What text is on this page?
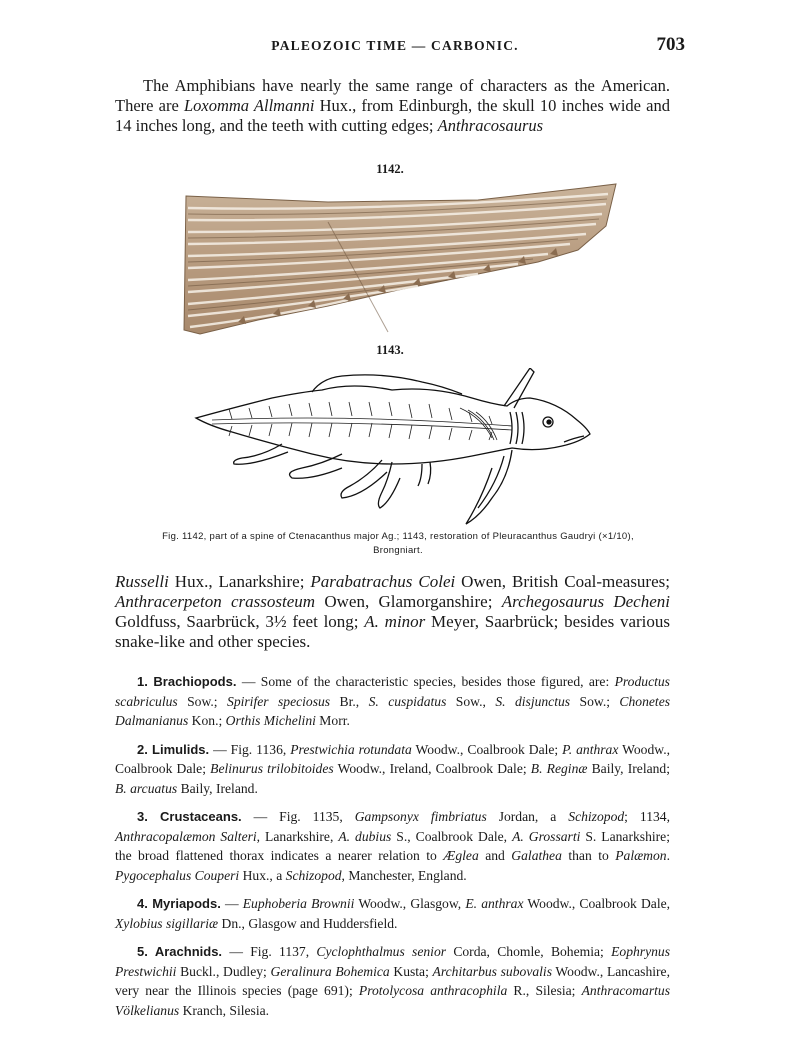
PALEOZOIC TIME — CARBONIC.	703

The Amphibians have nearly the same range of characters as the American. There are Loxomma Allmanni Hux., from Edinburgh, the skull 10 inches wide and 14 inches long, and the teeth with cutting edges; Anthracosaurus

1142.
1143.
Fig. 1142, part of a spine of Ctenacanthus major Ag.; 1143, restoration of Pleuracanthus Gaudryi (×1/10),
Brongniart.

Russelli Hux., Lanarkshire; Parabatrachus Colei Owen, British Coal-measures; Anthracerpeton crassosteum Owen, Glamorganshire; Archegosaurus Decheni Goldfuss, Saarbrück, 3½ feet long; A. minor Meyer, Saarbrück; besides various snake-like and other species.

1. Brachiopods. — Some of the characteristic species, besides those figured, are: Productus scabriculus Sow.; Spirifer speciosus Br., S. cuspidatus Sow., S. disjunctus Sow.; Chonetes Dalmanianus Kon.; Orthis Michelini Morr.

2. Limulids. — Fig. 1136, Prestwichia rotundata Woodw., Coalbrook Dale; P. anthrax Woodw., Coalbrook Dale; Belinurus trilobitoides Woodw., Ireland, Coalbrook Dale; B. Reginæ Baily, Ireland; B. arcuatus Baily, Ireland.

3. Crustaceans. — Fig. 1135, Gampsonyx fimbriatus Jordan, a Schizopod; 1134, Anthracopalæmon Salteri, Lanarkshire, A. dubius S., Coalbrook Dale, A. Grossarti S. Lanarkshire; the broad flattened thorax indicates a nearer relation to Æglea and Galathea than to Palæmon. Pygocephalus Couperi Hux., a Schizopod, Manchester, England.

4. Myriapods. — Euphoberia Brownii Woodw., Glasgow, E. anthrax Woodw., Coalbrook Dale, Xylobius sigillariæ Dn., Glasgow and Huddersfield.

5. Arachnids. — Fig. 1137, Cyclophthalmus senior Corda, Chomle, Bohemia; Eophrynus Prestwichii Buckl., Dudley; Geralinura Bohemica Kusta; Architarbus subovalis Woodw., Lancashire, very near the Illinois species (page 691); Protolycosa anthracophila R., Silesia; Anthracomartus Völkelianus Kranch, Silesia.
